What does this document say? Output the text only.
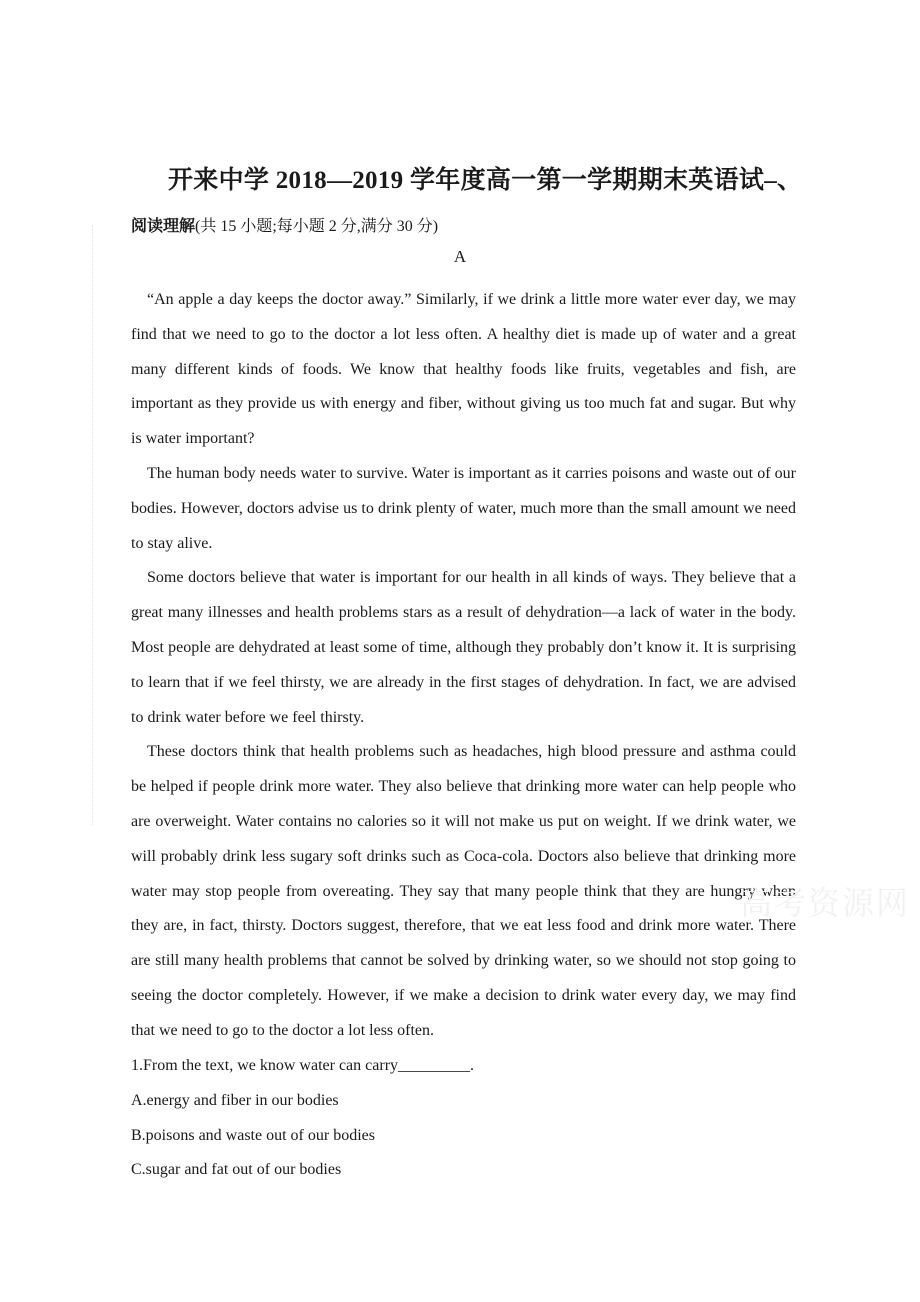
开来中学 2018—2019 学年度高一第一学期期末英语试–、
阅读理解(共 15 小题;每小题 2 分,满分 30 分)
A

“An apple a day keeps the doctor away.” Similarly, if we drink a little more water ever day, we may find that we need to go to the doctor a lot less often. A healthy diet is made up of water and a great many different kinds of foods. We know that healthy foods like fruits, vegetables and fish, are important as they provide us with energy and fiber, without giving us too much fat and sugar. But why is water important?

The human body needs water to survive. Water is important as it carries poisons and waste out of our bodies. However, doctors advise us to drink plenty of water, much more than the small amount we need to stay alive.

Some doctors believe that water is important for our health in all kinds of ways. They believe that a great many illnesses and health problems stars as a result of dehydration—a lack of water in the body. Most people are dehydrated at least some of time, although they probably don’t know it. It is surprising to learn that if we feel thirsty, we are already in the first stages of dehydration. In fact, we are advised to drink water before we feel thirsty.

These doctors think that health problems such as headaches, high blood pressure and asthma could be helped if people drink more water. They also believe that drinking more water can help people who are overweight. Water contains no calories so it will not make us put on weight. If we drink water, we will probably drink less sugary soft drinks such as Coca-cola. Doctors also believe that drinking more water may stop people from overeating. They say that many people think that they are hungry when they are, in fact, thirsty. Doctors suggest, therefore, that we eat less food and drink more water. There are still many health problems that cannot be solved by drinking water, so we should not stop going to seeing the doctor completely. However, if we make a decision to drink water every day, we may find that we need to go to the doctor a lot less often.

1.From the text, we know water can carry_________.
A.energy and fiber in our bodies
B.poisons and waste out of our bodies
C.sugar and fat out of our bodies
高考资源网
